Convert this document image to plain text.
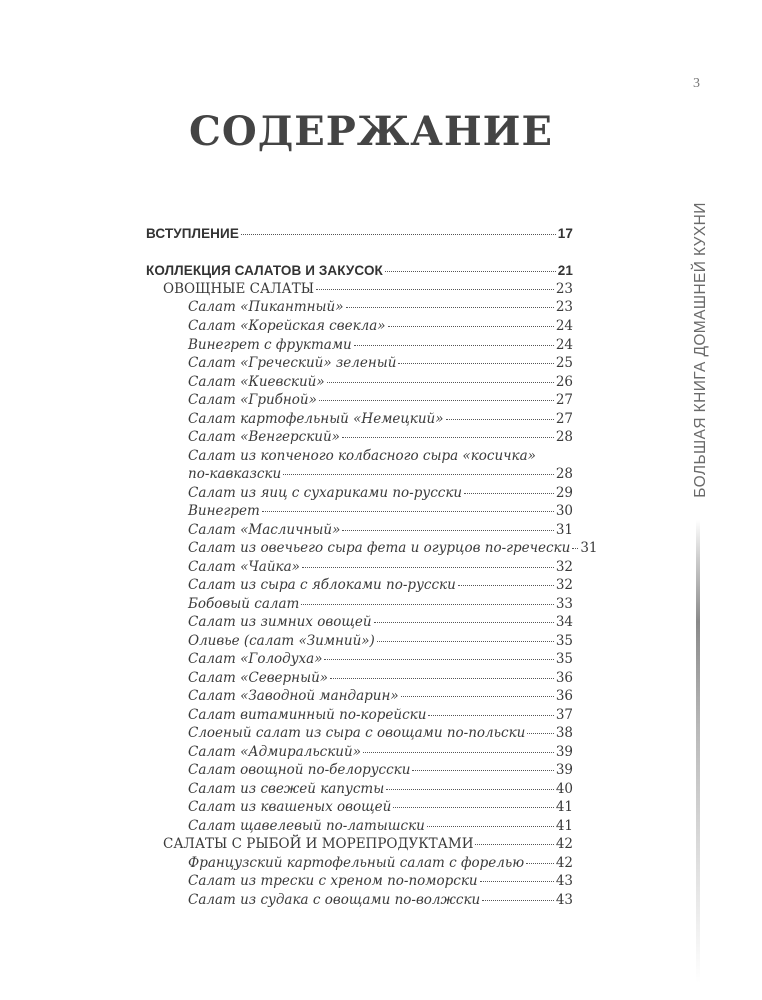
3
БОЛЬШАЯ КНИГА ДОМАШНЕЙ КУХНИ
СОДЕРЖАНИЕ
ВСТУПЛЕНИЕ	17
КОЛЛЕКЦИЯ САЛАТОВ И ЗАКУСОК	21
ОВОЩНЫЕ САЛАТЫ	23
Салат «Пикантный»	23
Салат «Корейская свекла»	24
Винегрет с фруктами	24
Салат «Греческий» зеленый	25
Салат «Киевский»	26
Салат «Грибной»	27
Салат картофельный «Немецкий»	27
Салат «Венгерский»	28
Салат из копченого колбасного сыра «косичка»
по-кавказски	28
Салат из яиц с сухариками по-русски	29
Винегрет	30
Салат «Масличный»	31
Салат из овечьего сыра фета и огурцов по-гречески 31
Салат «Чайка»	32
Салат из сыра с яблоками по-русски	32
Бобовый салат	33
Салат из зимних овощей	34
Оливье (салат «Зимний»)	35
Салат «Голодуха»	35
Салат «Северный»	36
Салат «Заводной мандарин»	36
Салат витаминный по-корейски	37
Слоеный салат из сыра с овощами по-польски 38
Салат «Адмиральский»	39
Салат овощной по-белорусски	39
Салат из свежей капусты	40
Салат из квашеных овощей	41
Салат щавелевый по-латышски	41
САЛАТЫ С РЫБОЙ И МОРЕПРОДУКТАМИ	42
Французский картофельный салат с форелью 42
Салат из трески с хреном по-поморски	43
Салат из судака с овощами по-волжски	43
